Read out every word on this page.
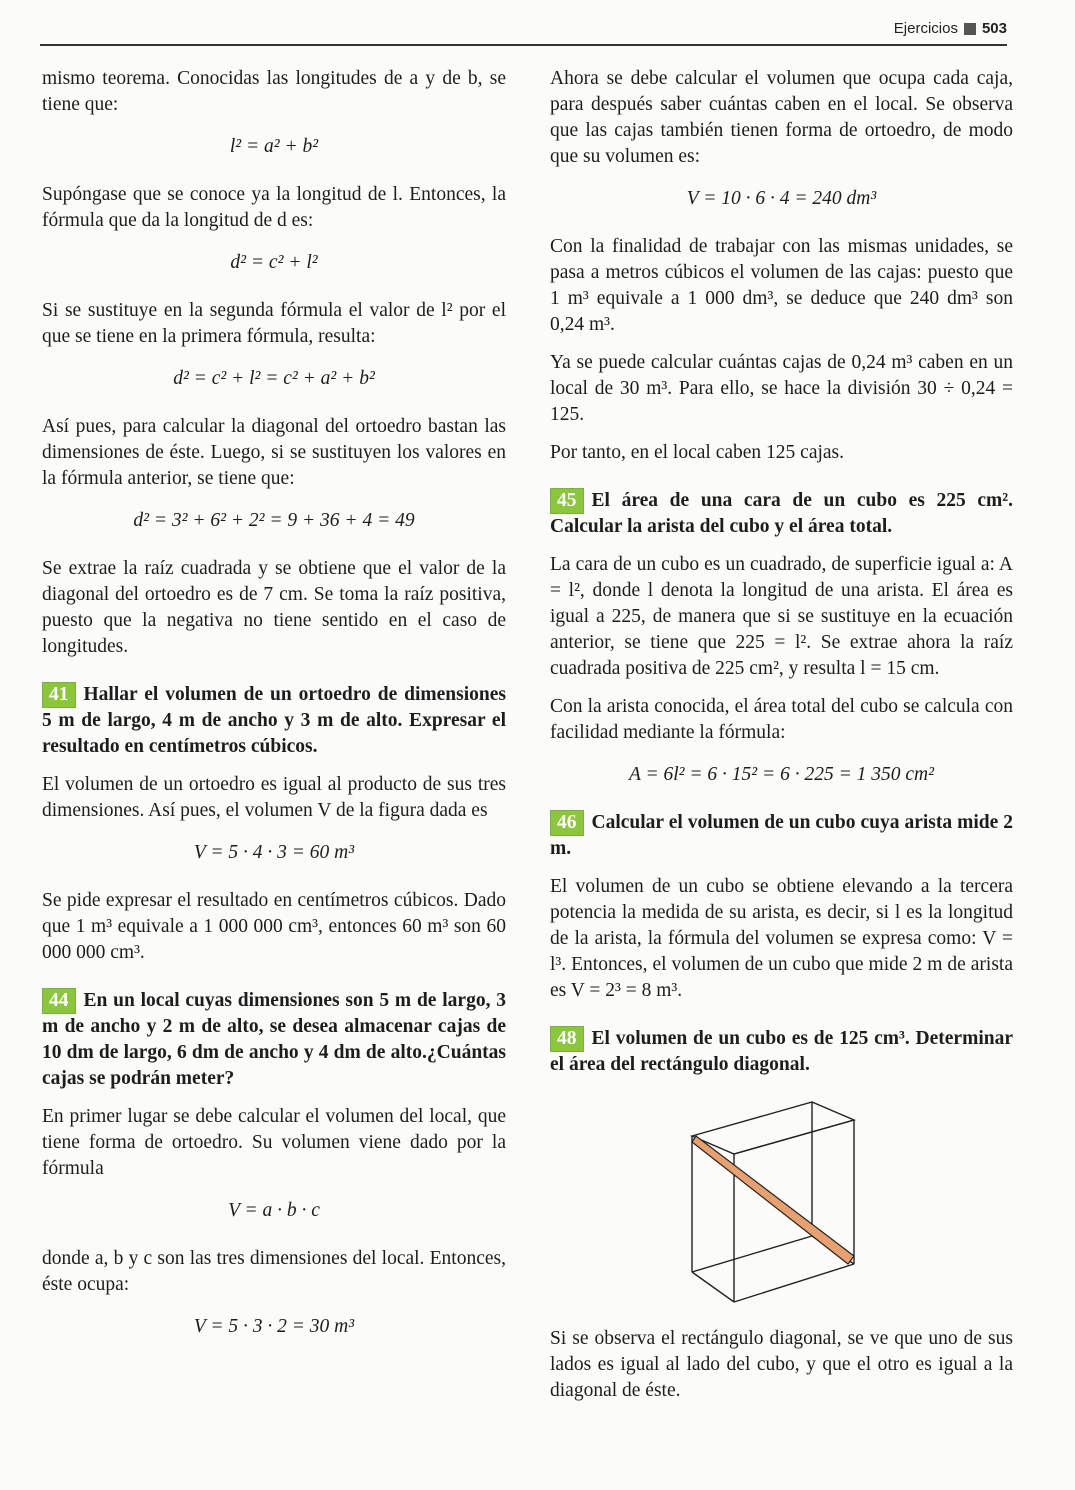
Ejercicios 503

mismo teorema. Conocidas las longitudes de a y de b, se tiene que:

l² = a² + b²

Supóngase que se conoce ya la longitud de l. Entonces, la fórmula que da la longitud de d es:

d² = c² + l²

Si se sustituye en la segunda fórmula el valor de l² por el que se tiene en la primera fórmula, resulta:

d² = c² + l² = c² + a² + b²

Así pues, para calcular la diagonal del ortoedro bastan las dimensiones de éste. Luego, si se sustituyen los valores en la fórmula anterior, se tiene que:

d² = 3² + 6² + 2² = 9 + 36 + 4 = 49

Se extrae la raíz cuadrada y se obtiene que el valor de la diagonal del ortoedro es de 7 cm. Se toma la raíz positiva, puesto que la negativa no tiene sentido en el caso de longitudes.

41 Hallar el volumen de un ortoedro de dimensiones 5 m de largo, 4 m de ancho y 3 m de alto. Expresar el resultado en centímetros cúbicos.

El volumen de un ortoedro es igual al producto de sus tres dimensiones. Así pues, el volumen V de la figura dada es

V = 5 · 4 · 3 = 60 m³

Se pide expresar el resultado en centímetros cúbicos. Dado que 1 m³ equivale a 1 000 000 cm³, entonces 60 m³ son 60 000 000 cm³.

44 En un local cuyas dimensiones son 5 m de largo, 3 m de ancho y 2 m de alto, se desea almacenar cajas de 10 dm de largo, 6 dm de ancho y 4 dm de alto.¿Cuántas cajas se podrán meter?

En primer lugar se debe calcular el volumen del local, que tiene forma de ortoedro. Su volumen viene dado por la fórmula

V = a · b · c

donde a, b y c son las tres dimensiones del local. Entonces, éste ocupa:

V = 5 · 3 · 2 = 30 m³

Ahora se debe calcular el volumen que ocupa cada caja, para después saber cuántas caben en el local. Se observa que las cajas también tienen forma de ortoedro, de modo que su volumen es:

V = 10 · 6 · 4 = 240 dm³

Con la finalidad de trabajar con las mismas unidades, se pasa a metros cúbicos el volumen de las cajas: puesto que 1 m³ equivale a 1 000 dm³, se deduce que 240 dm³ son 0,24 m³.

Ya se puede calcular cuántas cajas de 0,24 m³ caben en un local de 30 m³. Para ello, se hace la división 30 ÷ 0,24 = 125.

Por tanto, en el local caben 125 cajas.

45 El área de una cara de un cubo es 225 cm². Calcular la arista del cubo y el área total.

La cara de un cubo es un cuadrado, de superficie igual a: A = l², donde l denota la longitud de una arista. El área es igual a 225, de manera que si se sustituye en la ecuación anterior, se tiene que 225 = l². Se extrae ahora la raíz cuadrada positiva de 225 cm², y resulta l = 15 cm.

Con la arista conocida, el área total del cubo se calcula con facilidad mediante la fórmula:

A = 6l² = 6 · 15² = 6 · 225 = 1 350 cm²
46 Calcular el volumen de un cubo cuya arista mide 2 m.

El volumen de un cubo se obtiene elevando a la tercera potencia la medida de su arista, es decir, si l es la longitud de la arista, la fórmula del volumen se expresa como: V = l³. Entonces, el volumen de un cubo que mide 2 m de arista es V = 2³ = 8 m³.

48 El volumen de un cubo es de 125 cm³. Determinar el área del rectángulo diagonal.

Si se observa el rectángulo diagonal, se ve que uno de sus lados es igual al lado del cubo, y que el otro es igual a la diagonal de éste.
